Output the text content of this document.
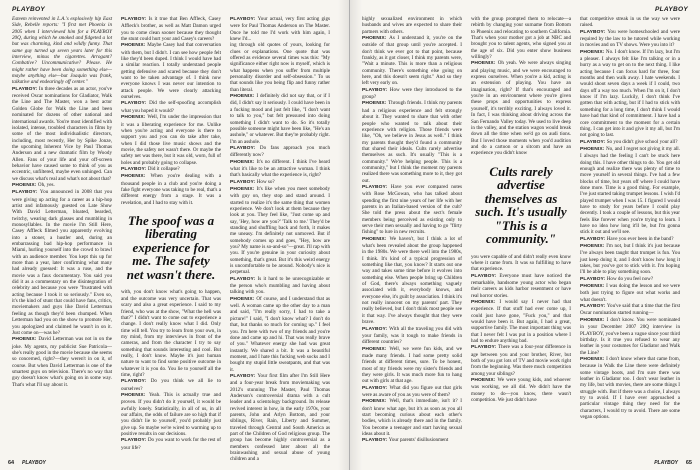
PLAYBOY

Esteem reinvented in L.A.'s explosively hip East Side, Rebelle reports: "I first met Phoenix in 2005 when I interviewed him for a PLAYBOY 20Q, during which he smoked and fidgeted a lot but was charming, kind and wildly funny. That same guy turned up seven years later for this interview, minus the cigarettes. Arrogant? Combative? Uncommunicative? Please. He might rather have been doing something else—maybe anything else—but Joaquin was frank, talkative and endearingly off center."

PLAYBOY: In three decades as an actor, you've received Oscar nominations for Gladiator, Walk the Line and The Master, won a best actor Golden Globe for Walk the Line and been nominated for dozens of other national and international awards. You're most identified with isolated, intense, troubled characters in films by some of the most individualistic directors, including, most recently, Her by Spike Jonze, the upcoming Inherent Vice by Paul Thomas Anderson and a new dramatic film by Woody Allen. Fans of your life and your off-screen behavior have caused some to think of you as eccentric, unfiltered, maybe even unhinged. Can we discuss what's real and what's not about that?

PHOENIX: Oh, yes.

PLAYBOY: You announced in 2008 that you were giving up acting for a career as a hip-hop artist and infamously guested on Late Show With David Letterman, bloated, bearded, twitchy, wearing dark glasses and mumbling in monosyllables. In the movie I'm Still Here, Casey Affleck filmed you apparently evolving into a stoner, a hustler and, during an embarrassing bad hip-hop performance in Miami, hurling yourself into the crowd to brawl with an audience member. You kept this up for more than a year, later confirming what many had already guessed: It was a ruse, and the movie was a faux documentary. You said you did it as a commentary on the disintegration of celebrity and because you were "frustrated with acting because I took it so seriously." Even so, it's the kind of stunt that could have fans, critics, moviemakers and guys like David Letterman feeling as though they'd been chumped. When Letterman had you on the show to promote Her, you apologized and claimed he wasn't in on it. Just come on—was he?

PHOENIX: David Letterman was not in on the joke. My agents, my publicist Sue Patricola—she's really good in the movie because she seems so concerned, right?—they weren't in on it, of course. But when David Letterman is one of the smartest guys on television. There's no way that guy doesn't know what's going on in some way. That's what I'll say about it.

PLAYBOY: Is it true that Ben Affleck, Casey Affleck's brother, as well as Matt Damon urged you to come clean sooner because they thought the stunt could hurt your and Casey's careers?

PHOENIX: Maybe Casey had that conversation with them, but I didn't. I can see how people felt like they'd been duped. I think I would have had a similar reaction. I totally understand people getting defensive and scared because they don't want to be taken advantage of. I think now everyone knows I was never our intention to attack people. We were clearly attacking ourselves.

PLAYBOY: Did the self-spoofing accomplish what you hoped it would?

PHOENIX: Well, I'm under the impression that it was a liberating experience for me. Unlike when you're acting and everyone is there to support you and you can do take after take, when I did those live music shows and the movie, the safety net wasn't there. Or maybe the safety net was there, but it was old, worn, full of holes and probably going to collapse.

PLAYBOY: Did it collapse?

PHOENIX: When you're dealing with a thousand people in a club and you're doing a fake fight everyone was taking to be real, that's a different energy from a stage. It was a revelation, and I had to stay with it.

The spoof was a liberating experience for me. The safety net wasn't there.

with, you don't know what's going to happen, and the outcome was very uncertain. That was scary and also a great experience. I said to my friend, who was at the show, "What the hell was that?" I didn't want to come out to experience a change. I don't really know what I did. Only time will tell. You try to learn from your own, in my mind, from my interviews in front of the cameras, and from the character I try to say something that sounds interesting and cool. But really, I don't know. Maybe it's just human nature to want to find some positive outcome in whatever it is you do. You lie to yourself all the time, right?

PLAYBOY: Do you think we all lie to ourselves?

PHOENIX: Yeah. This is actually true and proven. If you didn't do it yourself, it would be awfully lonely. Statistically, in all of us, in all our affairs, the odds of failure are so high that if you didn't lie to yourself, you'd probably just give up. So maybe we're wired to warming up to positive results in our decisions.

PLAYBOY: Do you want to work for the rest of your life?

PLAYBOY: Your actual, very first acting gigs were for Paul Thomas Anderson on The Master. Once he told me I'd work with him again, I knew I'd...

ing through old quotes of yours, looking for clues or explanations. One quote that was offered as evidence several times was this: "My significance either right now is myself, which is what happens when you suffer from multiple personality disorder and self-obsession." To us that sounds like you being flip and funny rather than literal.

PHOENIX: I definitely did not say that, or if I did, I didn't say it seriously. I could have been in a fucking mood and just felt like, "I don't want to talk to you," but felt pressured into doing something I didn't want to do. So it's totally possible someone might have been like, "He's an asshole," or whatever. But they're probably right. I'm an asshole.

PLAYBOY: Do fans approach you much differently now?

PHOENIX: It's no different. I think I've heard what it's like to be an attractive woman. I think that's basically what the experience is, right?

PLAYBOY: How so?

PHOENIX: It's like when you meet somebody with guy on, they stop and stand around. I started to realize it's the same thing that women experience. We don't look at them because they look at you. They feel like, "Just come up and say, 'Hey, how are you?' 'Talk to me.' They'd be standing and shuffling back and forth, it makes me uneasy. I'm definitely not unmoved. But if somebody comes up and goes, "Hey, how are you? My name is so-and-so"—great. I'll rap with you. If you're genuine in your curiosity about something, that's great. But it's this weird energy is uncomfortable to be around. Nobody's nice is perpetual.

PLAYBOY: Is it hard to be unrecognizable or the person who's mumbling and having about talking with you.

PHOENIX: Of course, and I understand that as well. A woman came up the other day to a man and said, "I'm really sorry, I had to take a picture!" I said, "I don't know what? I don't do that, but thanks so much for coming up." I feel you. I'm here with two of my friends and you're done and came up and hi. That was really brave of you." Whatever energy she had was great instantly. We shared a bit. It was a beautiful moment, and I hate this fucking web socks and I bought my stupid little sweatpants, and that was it.

PLAYBOY: Your first film after I'm Still Here and a four-year break from moviemaking was 2012's stunning The Master, Paul Thomas Anderson's controversial drama with a cult leader and a scientology background. Its release revived interest in how, in the early 1970s, your parents, John and Arlyn Bottom, and your siblings, River, Rain, Liberty and Summer, traveled through Central and South America as part of the Children of God religious group. The group has become highly controversial as a members confessed later about all the brainwashing and sexual abuse of young children and a

64 PLAYBOY
PLAYBOY

highly sexualized environment in which husbands and wives are expected to share their partners with others.

PHOENIX: As I understand it, you're on the outside of that group until you're accepted. I don't think we ever got to that point, because frankly, as it got closer, I think my parents were, "Wait a minute. This is more than a religious community. There's something else going on here, and this doesn't seem right." And so they left very early on.

PLAYBOY: How were they introduced to the group?

PHOENIX: Through friends. I think my parents had a religious experience and felt strongly about it. They wanted to share that with other people who wanted to talk about their experience with religion. Those friends were like, "Oh, we believe in Jesus as well." I think my parents thought they'd found a community that shared their ideals. Cults rarely advertise themselves as such. It's usually "This is a community." We're helping people. This is a community," but I think the moment my parents realized there was something more to it, they got out.

PLAYBOY: Have you ever compared notes with Rose McGowan, who has talked about spending the first nine years of her life with her parents in an Italian-based version of the cult? She told the press about the sect's female members being perceived as existing only to serve their men sexually and having to go "flirty fishing" to lure in new recruits.

PHOENIX: We haven't, but I think a lot of what's been revealed about the group happened in the 1980s. We were there well into the 1980s, I think. It's kind of a typical progression of something like that, you know? It starts out one way and takes some time before it evolves into something else. When people bring up Children of God, there's always something vaguely associated with it, everybody knows, and everyone else, it's guilt by association. I think it's not really innocent on my parents' part. They really believed, but I don't think most people see it that way. I've always thought that they were brave.

PLAYBOY: With all the traveling you did with your family, was it tough to make friends in different countries?

PHOENIX: Well, we were fun kids, and we made many friends. I had some pretty solid friends at different times, sure. To be honest, most of my friends were my sister's friends and they were girls. It was much more fun to hang out with girls at that age.

PLAYBOY: What did you figure out that girls were as aware of you as you were of them?

PHOENIX: Well, that's immediate, isn't it? I don't know what age, but it's as soon as you all start becoming curious about each other's bodies, which is already there and in the family. You become a teenager and start having sexual ideas about it.

PLAYBOY: Your parents' disillusionment

with the group prompted them to relocate—a rebirth by changing your surname from Bottom to Phoenix and relocating to southern California. That's when your mother got a job at NBC and brought you to talent agents, who signed you at the age of six. Did you enter show business willingly?

PHOENIX: Oh yeah. We were always singing and playing music, and we were encouraged to express ourselves. When you're a kid, acting is an extension of playing. You have an imagination, right? If that's encouraged and you're in an environment where you're given these props and opportunities to express yourself, it's terribly exciting. I always loved it. In fact, I was thinking about driving across the San Fernando Valley today. We used to live deep in the valley, and the station wagon would break down all the time when we'd go on audi tions. But I loved those moments when you'd audition and do a cartoon or a sitcom and have an experience you didn't know

Cults rarely advertise themselves as such. It's usually "This is a community."

you were capable of and didn't really even know where it came from. It was so fulfilling to have that experience.

PLAYBOY: Everyone must have noticed the remarkable, handsome young actor who began their careers as kids harbor resentment or have real horror stories.

PHOENIX: I would say I never had that experience. If that stuff had ever come up, I could just have gone, "Fuck you," and that would have been it. But again, I had a great, supportive family. The most important thing was that I never felt I was put in a position where I had to endure anything bad.

PLAYBOY: There was a four-year difference in age between you and your brother, River, but both of you got lots of TV and movie work right from the beginning. Was there much competition among your siblings?

PHOENIX: We were young kids, and whoever was working, we all did. We didn't have the money to do—you know, there wasn't competition. We just didn't have

that competitive streak in us the way we were raised.

PLAYBOY: You were homeschooled and were required by the law to be tutored while working in movies and on TV shows. Were you into it?

PHOENIX: No. I don't know. If I'm lazy, but I'm a pleaser. I always felt like I'm talking or in a hurry as a way to get on to the next thing. I like acting because I can focus hard for three, four months and then walk away. I hate weekends. I would shoot seven days a week if I could, two days off a way too much. When I'm on it, I don't know if I'm lazy. Luckily, I don't think I've gotten that with acting, but if I had to stick with something for a long time, I don't think I would have had that kind of commitment. I have had a core commitment to the moment for a certain thing. I can get into it and give it my all, but I'm not going to last.

PLAYBOY: So you didn't give school your all?

PHOENIX: No, and I regret not giving it my all. I always had the feeling I can't be stuck here doing this. I have other things to do. You get old enough and realize there was plenty of time to move yourself in several things. I've had a few blocks of time, but years off where I could have done more. Time is a good thing. For example, I've just started taking trumpet lessons. I wish I'd played trumpet when I was 15. I figured I would have to study for years before I could play decently. I took a couple of lessons, but this year feels like forever when you're trying to learn. I have no idea how long it'll be, but I'm gonna stick it out and we'll see.

PLAYBOY: Have you ever been in the band?

PHOENIX: I'm not, but I think it's just because I've always been taught that trumpet is fun. You just keep doing it, and I don't know how long it takes, but you've got to stick with it. I'm hoping I'll be able to play something soon.

PLAYBOY: How do you feel now?

PHOENIX: I was doing the lesson and we were both just trying to figure out what works and what doesn't.

PLAYBOY: You've said that a time that the first Oscar nomination started running—

PHOENIX: I don't know. You were nominated in your December 2007 20Q interview in PLAYBOY, you've been a vague since your third birthday. Is it true you refused to wear any leather in your costumes for Gladiator and Walk the Line?

PHOENIX: I don't know where that came from, because in Walk the Line there were definitely some vintage boots, and I'm sure there was leather in Gladiator too. I don't wear leather in my life, but with movies, there are some things I struggle with. But if there was a choice, I always try to avoid. If I have ever approached a particular vintage thing they need for the characters, I would try to avoid. There are some vegan options.

65
PLAYBOY
